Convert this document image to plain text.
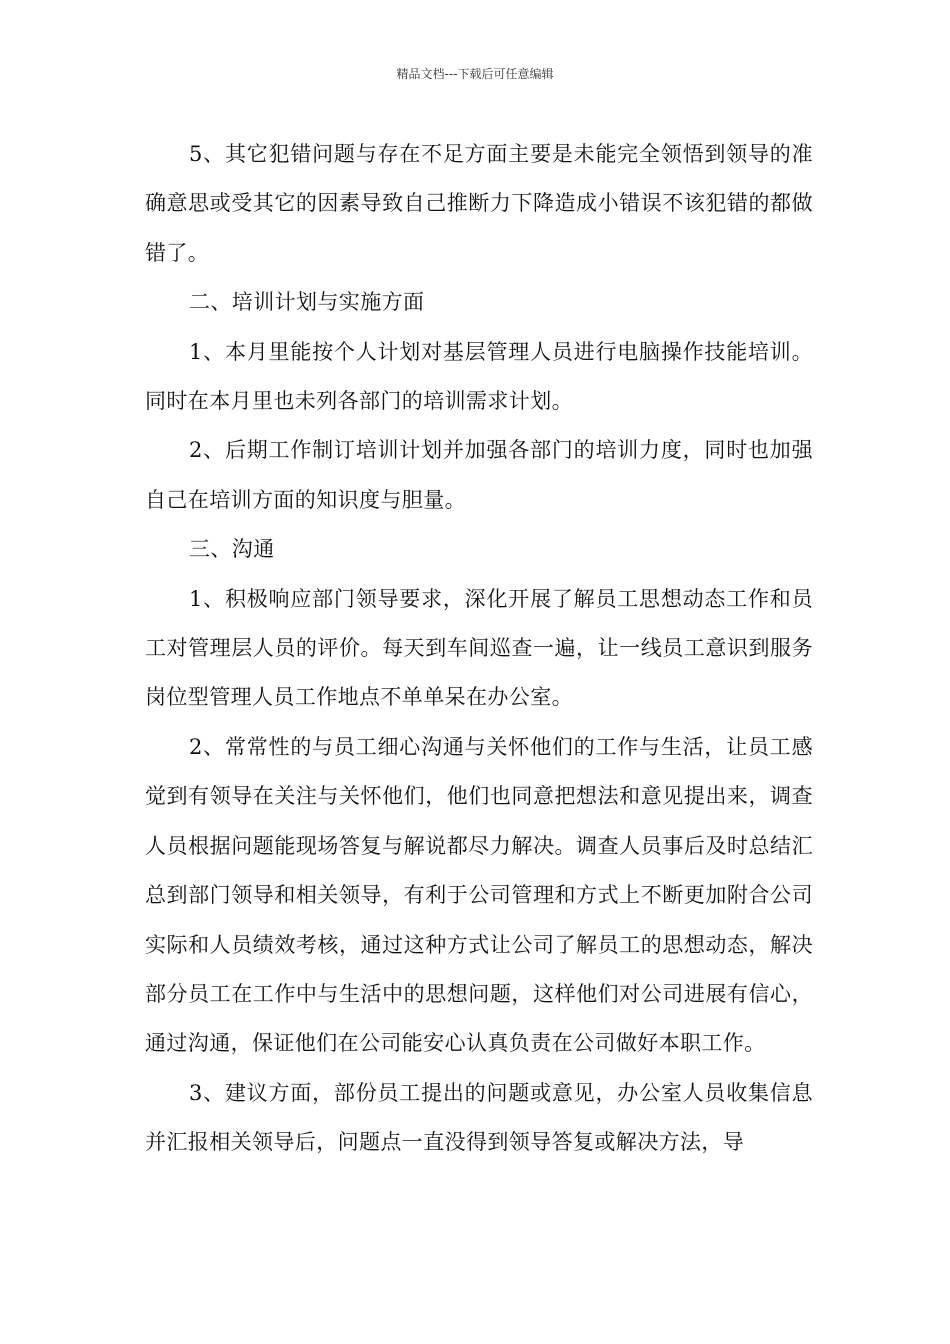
精品文档---下载后可任意编辑

5、其它犯错问题与存在不足方面主要是未能完全领悟到领导的准确意思或受其它的因素导致自己推断力下降造成小错误不该犯错的都做错了。

二、培训计划与实施方面

1、本月里能按个人计划对基层管理人员进行电脑操作技能培训。同时在本月里也未列各部门的培训需求计划。

2、后期工作制订培训计划并加强各部门的培训力度，同时也加强自己在培训方面的知识度与胆量。

三、沟通

1、积极响应部门领导要求，深化开展了解员工思想动态工作和员工对管理层人员的评价。每天到车间巡查一遍，让一线员工意识到服务岗位型管理人员工作地点不单单呆在办公室。

2、常常性的与员工细心沟通与关怀他们的工作与生活，让员工感觉到有领导在关注与关怀他们，他们也同意把想法和意见提出来，调查人员根据问题能现场答复与解说都尽力解决。调查人员事后及时总结汇总到部门领导和相关领导，有利于公司管理和方式上不断更加附合公司实际和人员绩效考核，通过这种方式让公司了解员工的思想动态，解决部分员工在工作中与生活中的思想问题，这样他们对公司进展有信心，通过沟通，保证他们在公司能安心认真负责在公司做好本职工作。

3、建议方面，部份员工提出的问题或意见，办公室人员收集信息并汇报相关领导后，问题点一直没得到领导答复或解决方法，导
